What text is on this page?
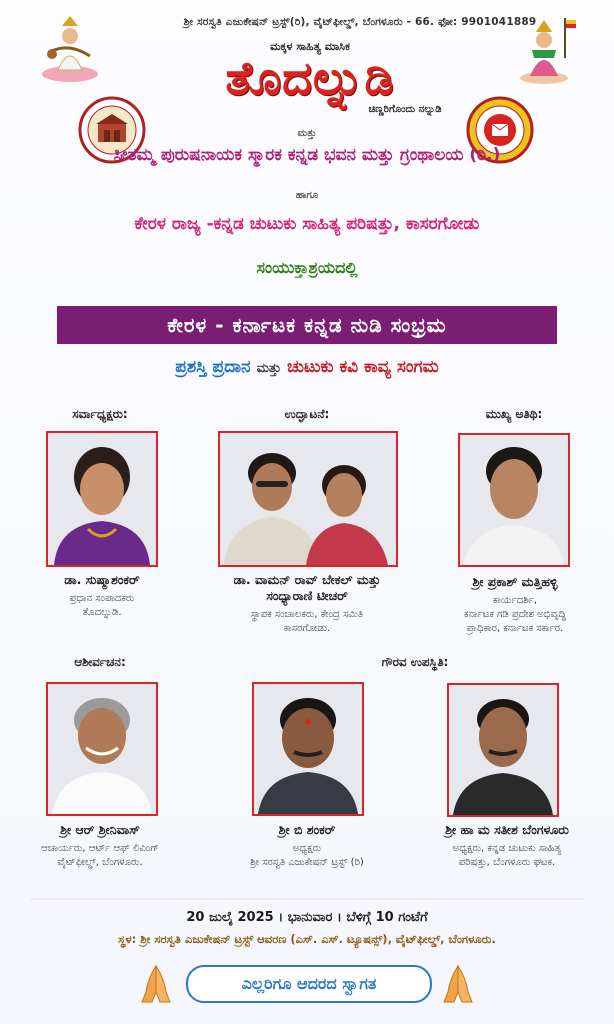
ಶ್ರೀ ಸರಸ್ವತಿ ಎಜುಕೇಷನ್ ಟ್ರಸ್ಟ್(ರಿ), ವೈಟ್‌ಫೀಲ್ಡ್, ಬೆಂಗಳೂರು - 66. ಫೋ: 9901041889
ಮಕ್ಕಳ ಸಾಹಿತ್ಯ ಮಾಸಿಕ
ತೊದಲ್ನುಡಿ
ಚಿಣ್ಣರಿಗೊಂದು ನಲ್ನುಡಿ
ಮತ್ತು
ಸೀತಮ್ಮ ಪುರುಷನಾಯಕ ಸ್ಮಾರಕ ಕನ್ನಡ ಭವನ ಮತ್ತು ಗ್ರಂಥಾಲಯ (ರಿ.)
ಹಾಗೂ
ಕೇರಳ ರಾಜ್ಯ -ಕನ್ನಡ ಚುಟುಕು ಸಾಹಿತ್ಯ ಪರಿಷತ್ತು, ಕಾಸರಗೋಡು
ಸಂಯುಕ್ತಾಶ್ರಯದಲ್ಲಿ
ಕೇರಳ - ಕರ್ನಾಟಕ ಕನ್ನಡ ನುಡಿ ಸಂಭ್ರಮ
ಪ್ರಶಸ್ತಿ ಪ್ರದಾನ ಮತ್ತು ಚುಟುಕು ಕವಿ ಕಾವ್ಯ ಸಂಗಮ
ಸರ್ವಾಧ್ಯಕ್ಷರು:	ಉದ್ಘಾಟನೆ:	ಮುಖ್ಯ ಅತಿಥಿ:
ಡಾ. ಸುಷ್ಮಾಶಂಕರ್
ಪ್ರಧಾನ ಸಂಪಾದಕರು
ತೊದಲ್ನುಡಿ.
ಡಾ. ವಾಮನ್ ರಾವ್ ಬೇಕಲ್ ಮತ್ತು
ಸಂಧ್ಯಾರಾಣಿ ಟೀಚರ್
ಸ್ಥಾಪಕ ಸಂಚಾಲಕರು, ಕೇಂದ್ರ ಸಮಿತಿ
ಕಾಸರಗೋಡು.
ಶ್ರೀ ಪ್ರಕಾಶ್ ಮತ್ತಿಹಳ್ಳಿ
ಕಾರ್ಯದರ್ಶಿ,
ಕರ್ನಾಟಕ ಗಡಿ ಪ್ರದೇಶ ಅಭಿವೃದ್ಧಿ
ಪ್ರಾಧಿಕಾರ, ಕರ್ನಾಟಕ ಸರ್ಕಾರ.
ಆಶೀರ್ವಚನ:	ಗೌರವ ಉಪಸ್ಥಿತಿ:
ಶ್ರೀ ಆರ್ ಶ್ರೀನಿವಾಸ್
ಆಚಾರ್ಯರು, ಆರ್ಟ್ ಆಫ್ ಲಿವಿಂಗ್
ವೈಟ್‌ಫೀಲ್ಡ್, ಬೆಂಗಳೂರು.
ಶ್ರೀ ಬಿ ಶಂಕರ್
ಅಧ್ಯಕ್ಷರು
ಶ್ರೀ ಸರಸ್ವತಿ ಎಜುಕೇಷನ್ ಟ್ರಸ್ಟ್ (ರಿ)
ಶ್ರೀ ಹಾ ಮ ಸತೀಶ ಬೆಂಗಳೂರು
ಅಧ್ಯಕ್ಷರು, ಕನ್ನಡ ಚುಟುಕು ಸಾಹಿತ್ಯ
ಪರಿಷತ್ತು, ಬೆಂಗಳೂರು ಘಟಕ.
20 ಜುಲೈ 2025 । ಭಾನುವಾರ । ಬೆಳಿಗ್ಗೆ 10 ಗಂಟೆಗೆ
ಸ್ಥಳ: ಶ್ರೀ ಸರಸ್ವತಿ ಎಜುಕೇಷನ್ ಟ್ರಸ್ಟ್ ಆವರಣ (ಎಸ್. ಎಸ್. ಟ್ಯೂಷನ್ಸ್), ವೈಟ್‌ಫೀಲ್ಡ್, ಬೆಂಗಳೂರು.
ಎಲ್ಲರಿಗೂ ಆದರದ ಸ್ವಾಗತ
